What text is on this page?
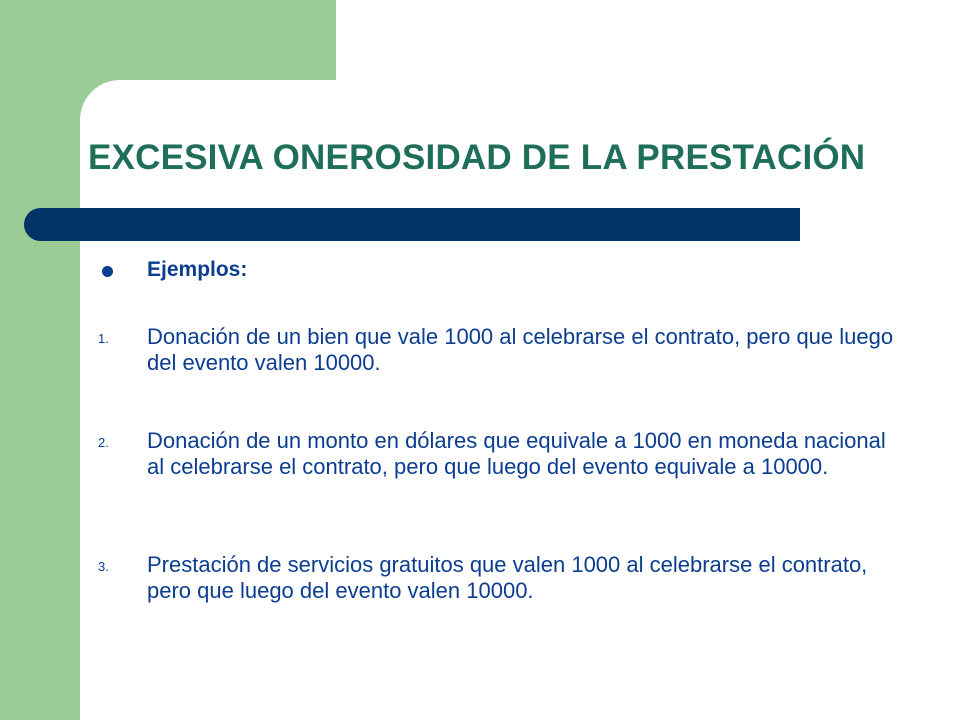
EXCESIVA ONEROSIDAD DE LA PRESTACIÓN
Ejemplos:
1. Donación de un bien que vale 1000 al celebrarse el contrato, pero que luego del evento valen 10000.
2. Donación de un monto en dólares que equivale a 1000 en moneda nacional al celebrarse el contrato, pero que luego del evento equivale a 10000.
3. Prestación de servicios gratuitos que valen 1000 al celebrarse el contrato, pero que luego del evento valen 10000.
